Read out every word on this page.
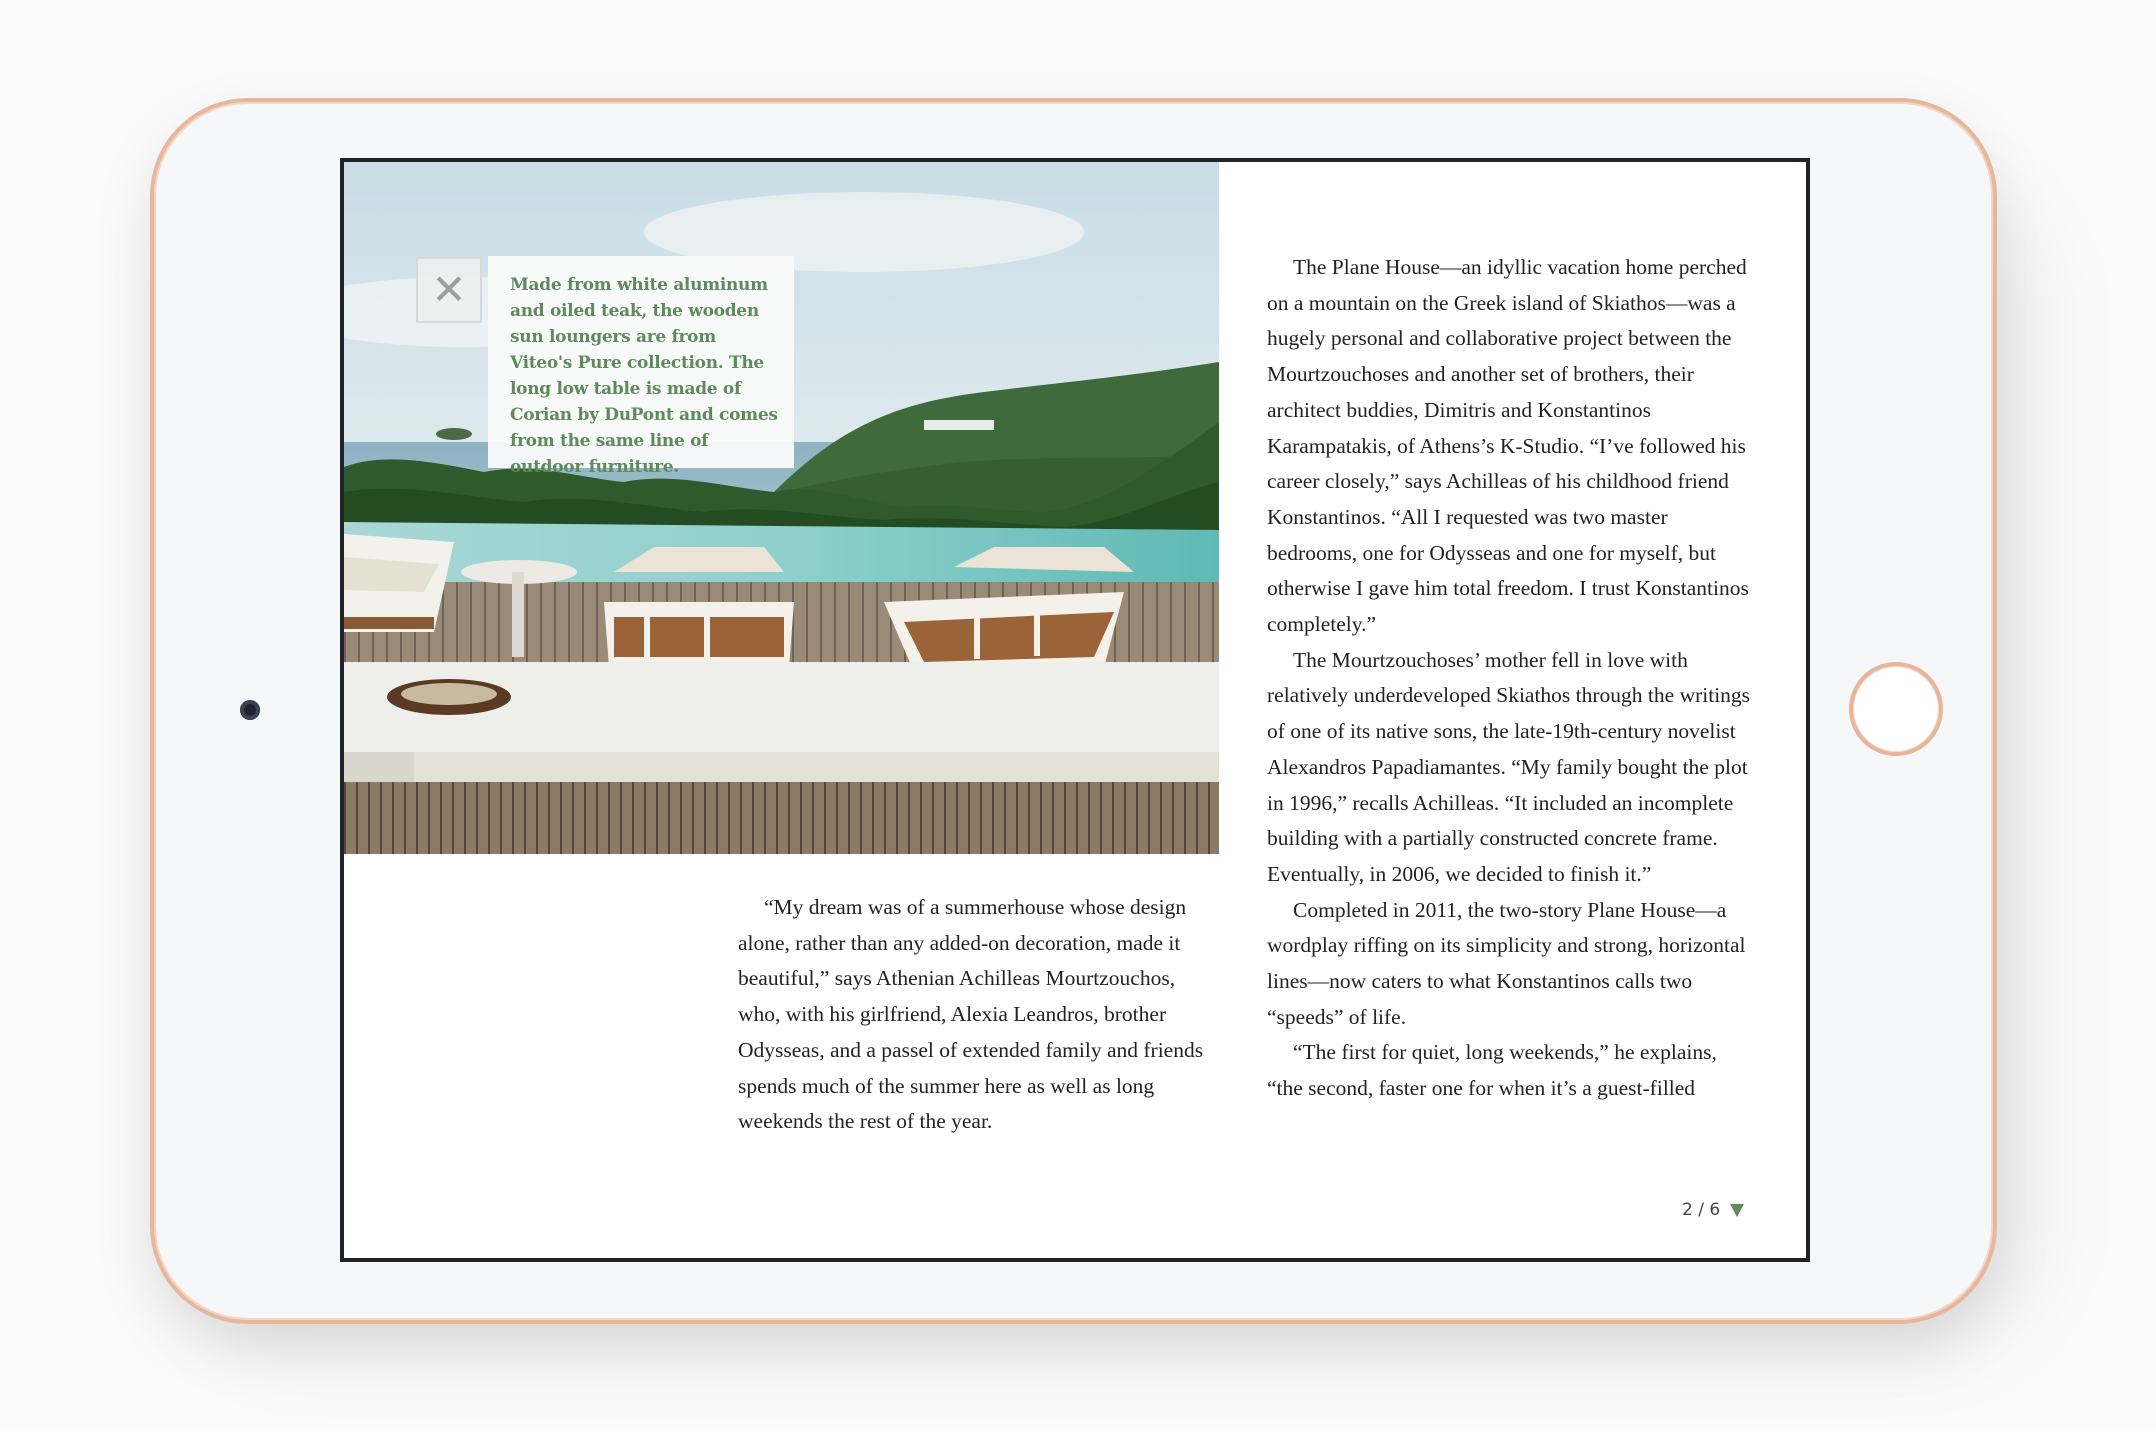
✕	Made from white aluminum and oiled teak, the wooden sun loungers are from Viteo's Pure collection. The long low table is made of Corian by DuPont and comes from the same line of outdoor furniture.

“My dream was of a summerhouse whose design alone, rather than any added-on decoration, made it beautiful,” says Athenian Achilleas Mourtzouchos, who, with his girlfriend, Alexia Leandros, brother Odysseas, and a passel of extended family and friends spends much of the summer here as well as long weekends the rest of the year.

The Plane House—an idyllic vacation home perched on a mountain on the Greek island of Skiathos—was a hugely personal and collaborative project between the Mourtzouchoses and another set of brothers, their architect buddies, Dimitris and Konstantinos Karampatakis, of Athens’s K-Studio. “I’ve followed his career closely,” says Achilleas of his childhood friend Konstantinos. “All I requested was two master bedrooms, one for Odysseas and one for myself, but otherwise I gave him total freedom. I trust Konstantinos completely.”

The Mourtzouchoses’ mother fell in love with relatively underdeveloped Skiathos through the writings of one of its native sons, the late-19th-century novelist Alexandros Papadiamantes. “My family bought the plot in 1996,” recalls Achilleas. “It included an incomplete building with a partially constructed concrete frame. Eventually, in 2006, we decided to finish it.”

Completed in 2011, the two-story Plane House—a wordplay riffing on its simplicity and strong, horizontal lines—now caters to what Konstantinos calls two “speeds” of life.

“The first for quiet, long weekends,” he explains, “the second, faster one for when it’s a guest-filled

2 / 6
